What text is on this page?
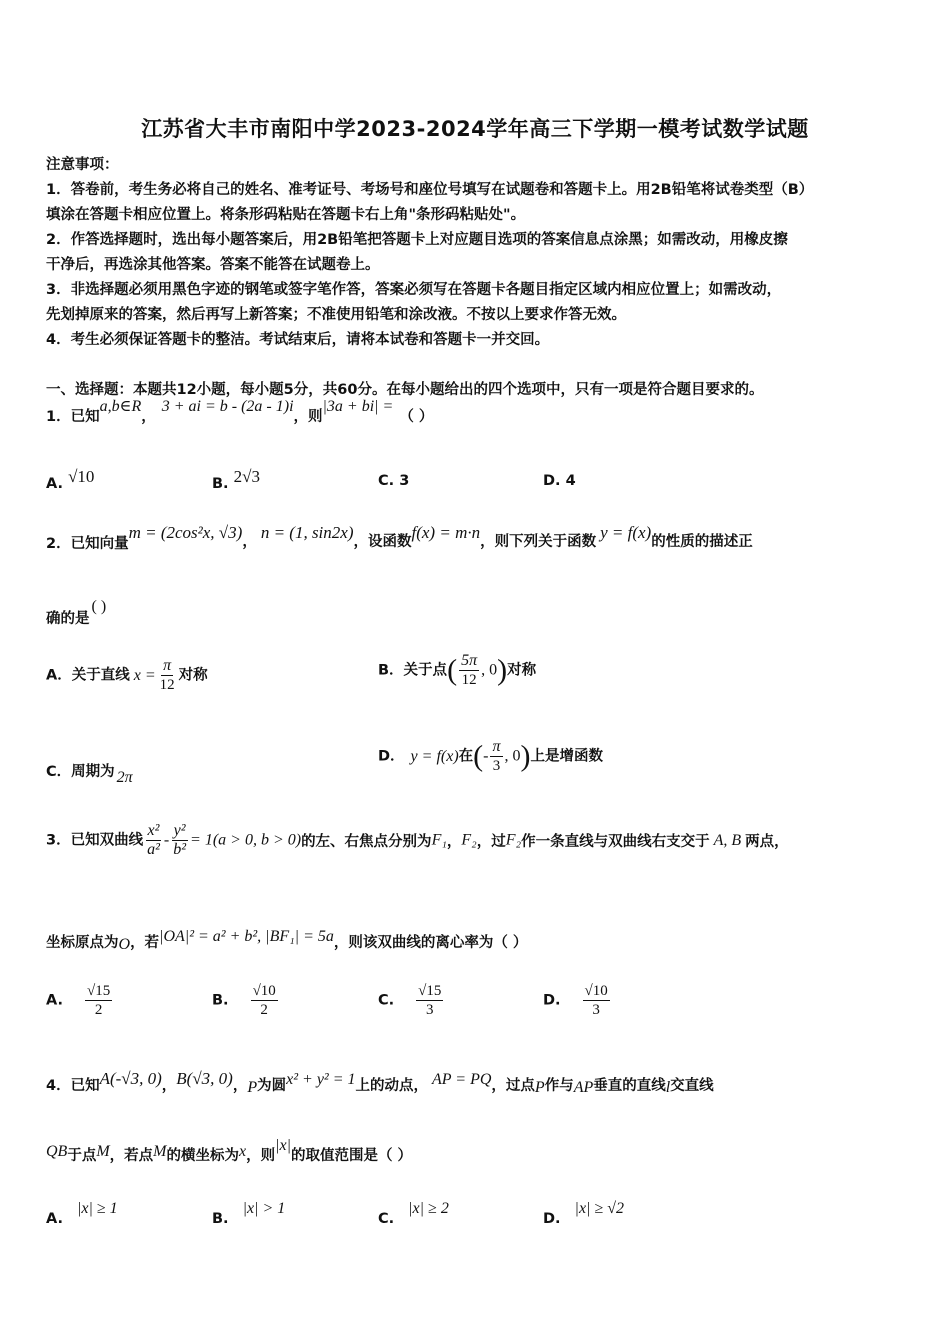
江苏省大丰市南阳中学2023-2024学年高三下学期一模考试数学试题
注意事项：
1．答卷前，考生务必将自己的姓名、准考证号、考场号和座位号填写在试题卷和答题卡上。用2B铅笔将试卷类型（B）
填涂在答题卡相应位置上。将条形码粘贴在答题卡右上角"条形码粘贴处"。
2．作答选择题时，选出每小题答案后，用2B铅笔把答题卡上对应题目选项的答案信息点涂黑；如需改动，用橡皮擦
干净后，再选涂其他答案。答案不能答在试题卷上。
3．非选择题必须用黑色字迹的钢笔或签字笔作答，答案必须写在答题卡各题目指定区域内相应位置上；如需改动，
先划掉原来的答案，然后再写上新答案；不准使用铅笔和涂改液。不按以上要求作答无效。
4．考生必须保证答题卡的整洁。考试结束后，请将本试卷和答题卡一并交回。
一、选择题：本题共12小题，每小题5分，共60分。在每小题给出的四个选项中，只有一项是符合题目要求的。
1．已知a,b∈R，3 + ai = b - (2a - 1)i，则|3a + bi| =（ ）
A. √10	B. 2√3	C. 3	D. 4
2．已知向量m = (2cos²x, √3)， n = (1, sin2x)，设函数f(x) = m·n，则下列关于函数 y = f(x)的性质的描述正
确的是( )
A．关于直线 $x = \frac{\pi}{12}$ 对称	B．关于点( $\frac{5\pi}{12}$ , 0)对称
C．周期为 2π
D． y = f(x)在(- $\frac{\pi}{3}$ , 0)上是增函数
3．已知双曲线 $\frac{\text{x²}}{\text{a²}} - \frac{\text{y²}}{\text{b²}} = 1(a > 0$, b > 0)的左、右焦点分别为F₁，F₂，过F₂作一条直线与双曲线右支交于 A, B 两点，
坐标原点为O，若|OA|² = a² + b², |BF₁| = 5a，则该双曲线的离心率为（ ）
A. $\frac{√15}{2}$	B. $\frac{√10}{2}$	C. $\frac{√15}{3}$	D. $\frac{√10}{3}$
4．已知A(-√3, 0)，B(√3, 0)，P为圆x² + y² = 1上的动点， AP = PQ，过点P作与AP垂直的直线l交直线
QB于点M，若点M的横坐标为x，则|x|的取值范围是（ ）
A.|x| ≥ 1
B.|x| > 1
C.|x| ≥ 2
D.|x| ≥ √2
